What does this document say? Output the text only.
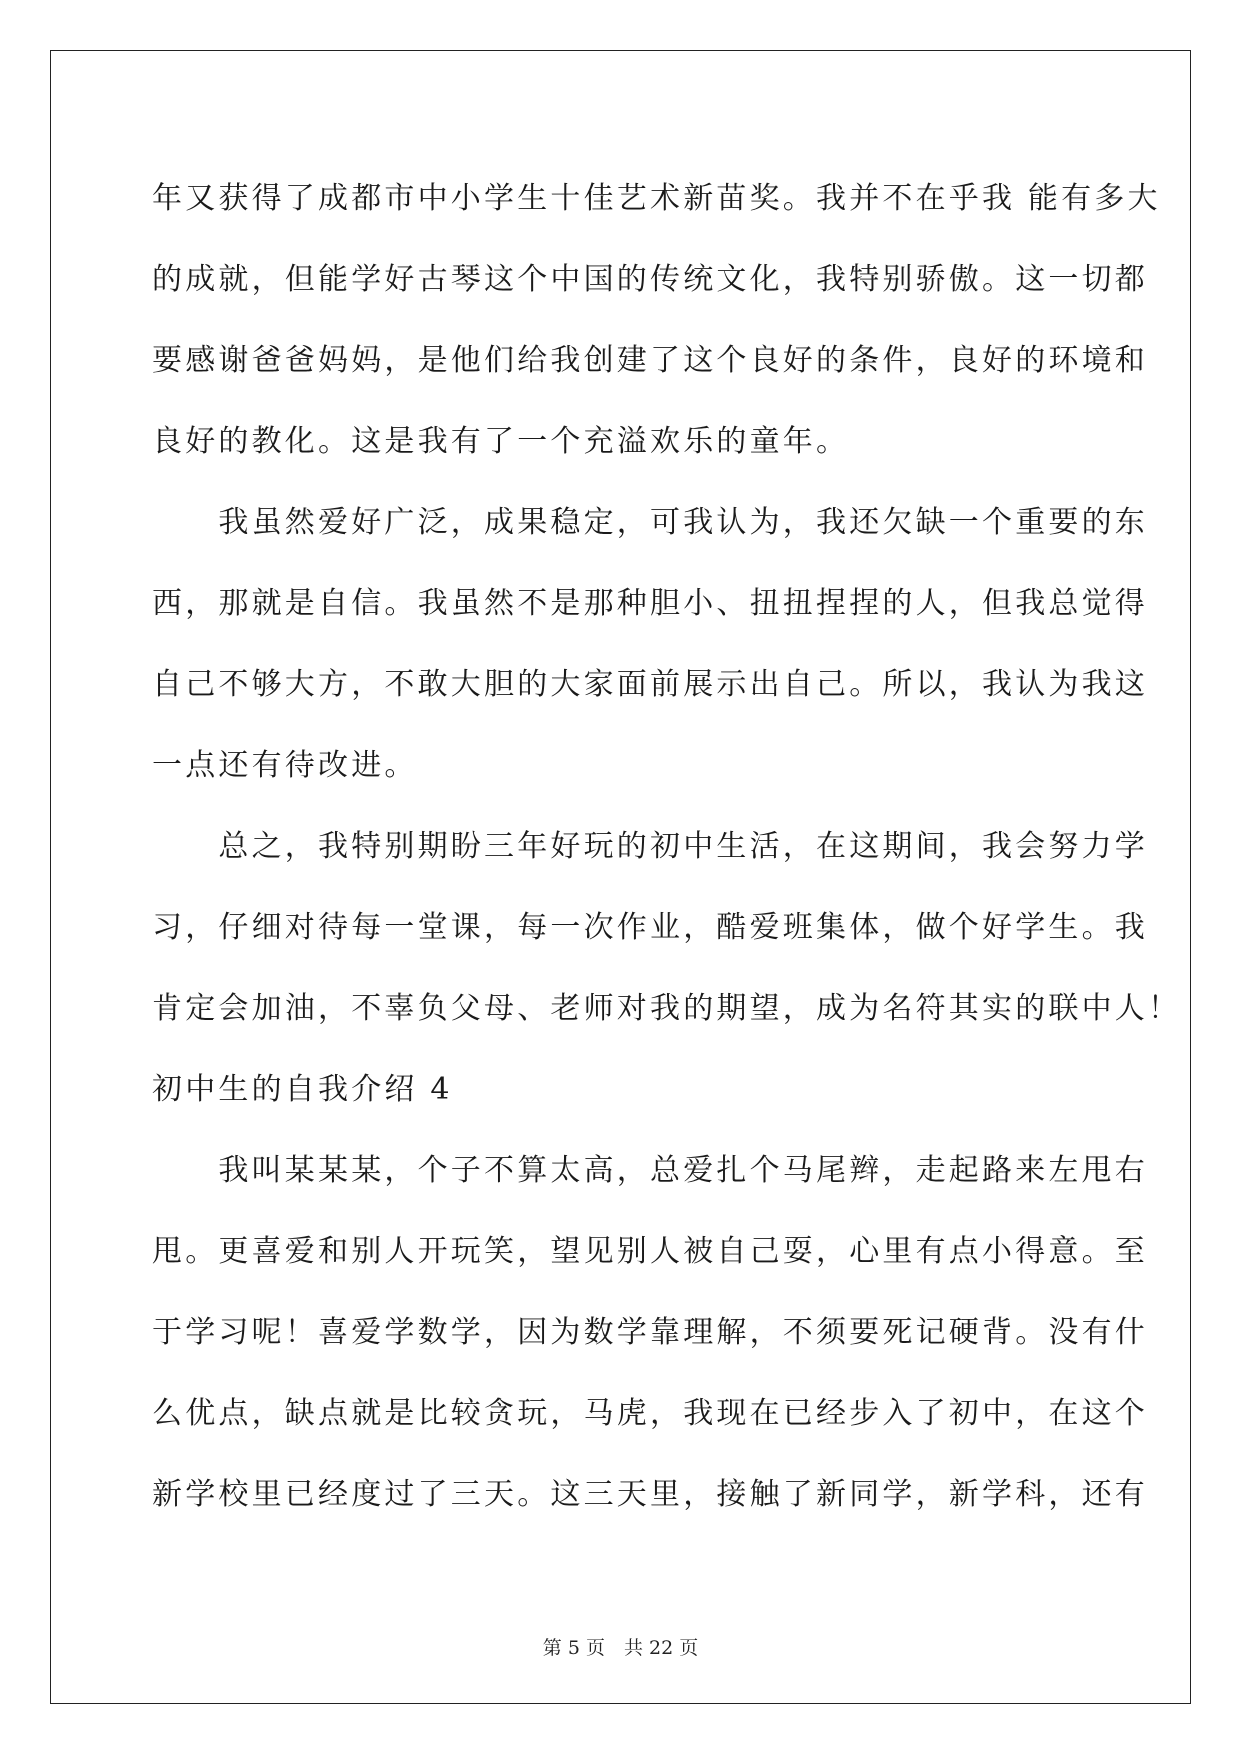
年又获得了成都市中小学生十佳艺术新苗奖。我并不在乎我 能有多大
的成就，但能学好古琴这个中国的传统文化，我特别骄傲。这一切都
要感谢爸爸妈妈，是他们给我创建了这个良好的条件，良好的环境和
良好的教化。这是我有了一个充溢欢乐的童年。
　　我虽然爱好广泛，成果稳定，可我认为，我还欠缺一个重要的东
西，那就是自信。我虽然不是那种胆小、扭扭捏捏的人，但我总觉得
自己不够大方，不敢大胆的大家面前展示出自己。所以，我认为我这
一点还有待改进。
　　总之，我特别期盼三年好玩的初中生活，在这期间，我会努力学
习，仔细对待每一堂课，每一次作业，酷爱班集体，做个好学生。我
肯定会加油，不辜负父母、老师对我的期望，成为名符其实的联中人！
初中生的自我介绍 4
　　我叫某某某，个子不算太高，总爱扎个马尾辫，走起路来左甩右
甩。更喜爱和别人开玩笑，望见别人被自己耍，心里有点小得意。至
于学习呢！喜爱学数学，因为数学靠理解，不须要死记硬背。没有什
么优点，缺点就是比较贪玩，马虎，我现在已经步入了初中，在这个
新学校里已经度过了三天。这三天里，接触了新同学，新学科，还有
第 5 页　共 22 页
